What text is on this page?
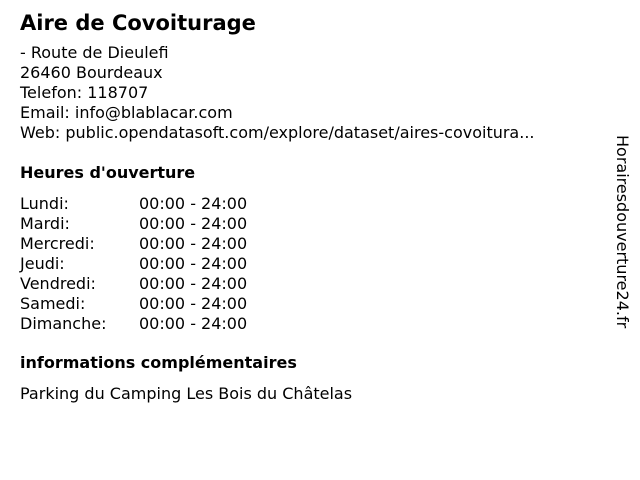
Aire de Covoiturage
- Route de Dieulefi
26460 Bourdeaux
Telefon: 118707
Email: info@blablacar.com
Web: public.opendatasoft.com/explore/dataset/aires-covoitura...
Heures d'ouverture
Lundi:	00:00 - 24:00
Mardi:	00:00 - 24:00
Mercredi:	00:00 - 24:00
Jeudi:	00:00 - 24:00
Vendredi:	00:00 - 24:00
Samedi:	00:00 - 24:00
Dimanche: 00:00 - 24:00
informations complémentaires
Parking du Camping Les Bois du Châtelas
Horairesdouverture24.fr
